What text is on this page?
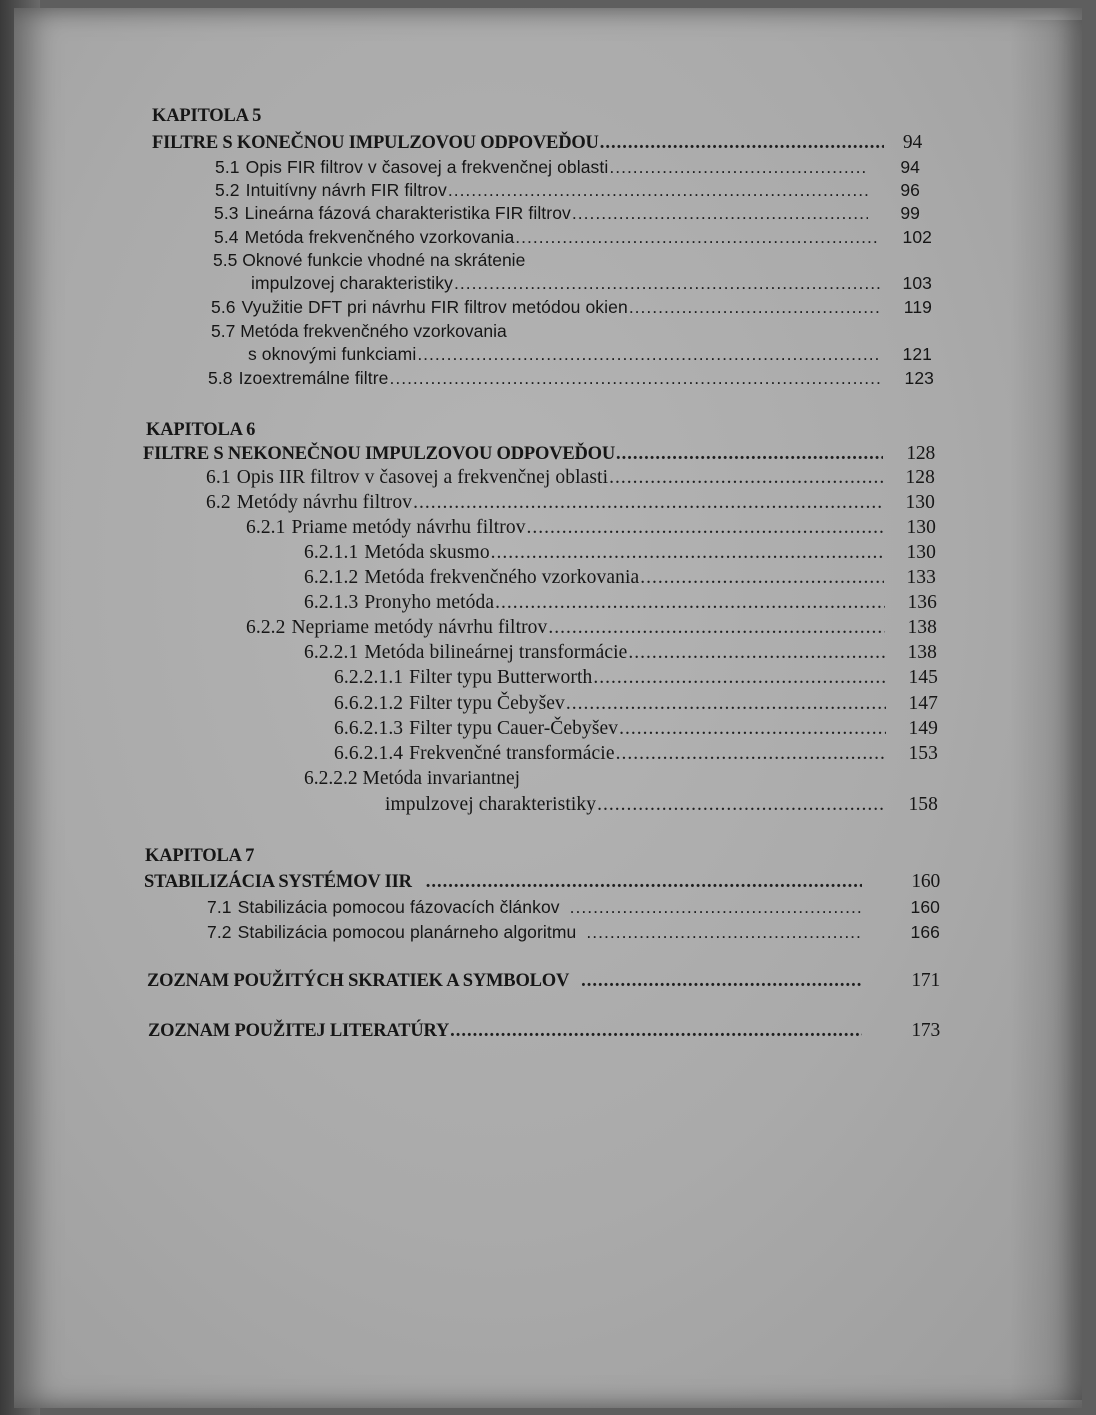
KAPITOLA 5
FILTRE S KONEČNOU IMPULZOVOU ODPOVEĎOU .....	94
5.1 Opis FIR filtrov v časovej a frekvenčnej oblasti .....	94
5.2 Intuitívny návrh FIR filtrov .....	96
5.3 Lineárna fázová charakteristika FIR filtrov .....	99
5.4 Metóda frekvenčného vzorkovania .....	102
5.5 Oknové funkcie vhodné na skrátenie
impulzovej charakteristiky .....	103
5.6 Využitie DFT pri návrhu FIR filtrov metódou okien .....	119
5.7 Metóda frekvenčného vzorkovania
s oknovými funkciami .....	121
5.8 Izoextremálne filtre .....	123
KAPITOLA 6
FILTRE S NEKONEČNOU IMPULZOVOU ODPOVEĎOU .....	128
6.1 Opis IIR filtrov v časovej a frekvenčnej oblasti .....	128
6.2 Metódy návrhu filtrov .....	130
6.2.1 Priame metódy návrhu filtrov .....	130
6.2.1.1 Metóda skusmo .....	130
6.2.1.2 Metóda frekvenčného vzorkovania .....	133
6.2.1.3 Pronyho metóda .....	136
6.2.2 Nepriame metódy návrhu filtrov .....	138
6.2.2.1 Metóda bilineárnej transformácie .....	138
6.2.2.1.1 Filter typu Butterworth .....	145
6.6.2.1.2 Filter typu Čebyšev .....	147
6.6.2.1.3 Filter typu Cauer-Čebyšev .....	149
6.6.2.1.4 Frekvenčné transformácie .....	153
6.2.2.2 Metóda invariantnej
impulzovej charakteristiky .....	158
KAPITOLA 7
STABILIZÁCIA SYSTÉMOV IIR .....	160
7.1 Stabilizácia pomocou fázovacích článkov .....	160
7.2 Stabilizácia pomocou planárneho algoritmu .....	166
ZOZNAM POUŽITÝCH SKRATIEK A SYMBOLOV .....	171
ZOZNAM POUŽITEJ LITERATÚRY .....	173
